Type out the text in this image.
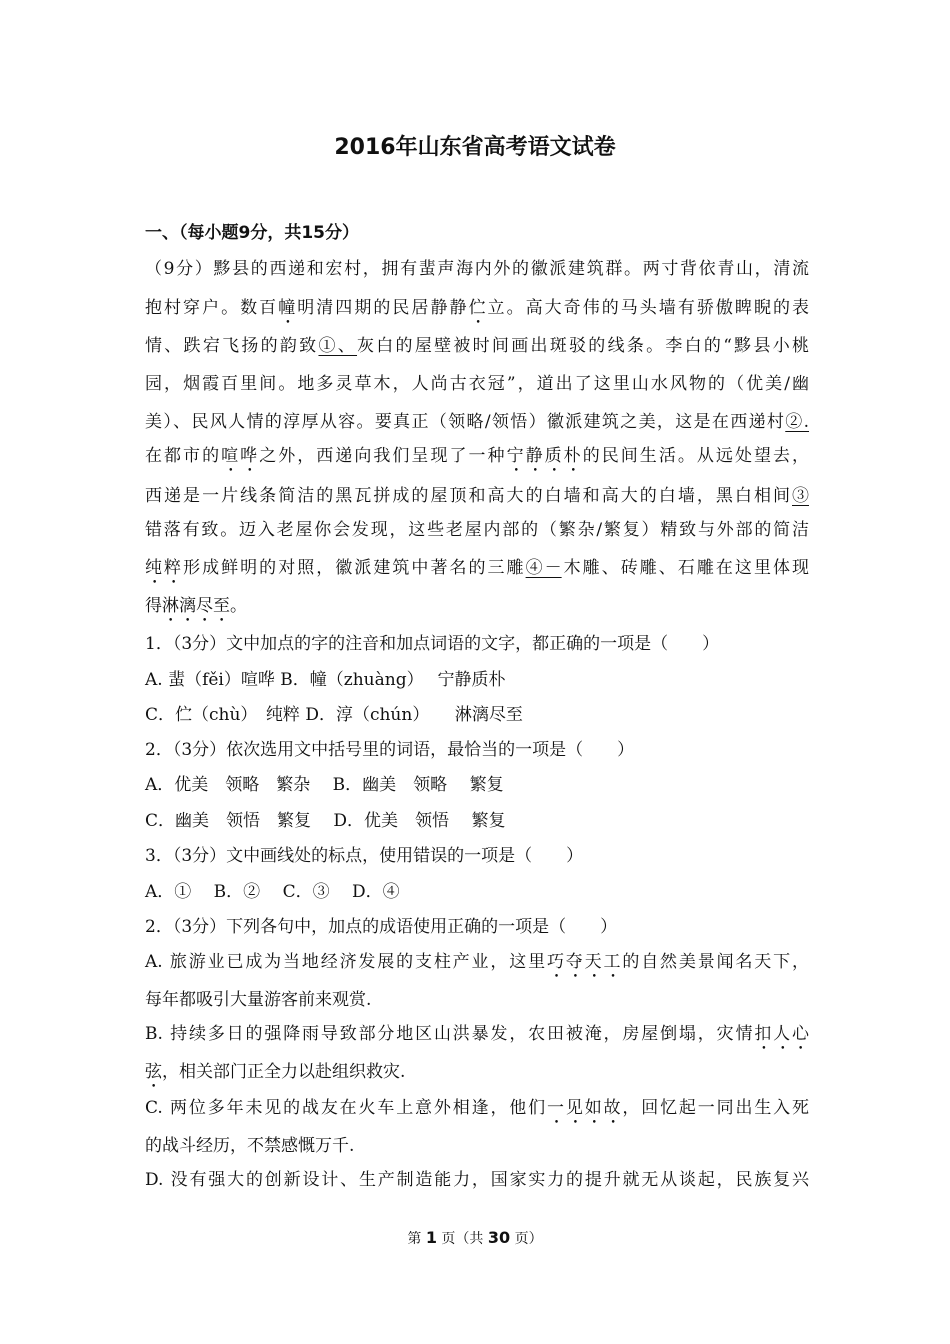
2016年山东省高考语文试卷
一、（每小题9分，共15分）
（9分）黟县的西递和宏村，拥有蜚声海内外的徽派建筑群。两寸背依青山，清流
抱村穿户。数百幢明清四期的民居静静伫立。高大奇伟的马头墙有骄傲睥睨的表
情、跌宕飞扬的韵致①、灰白的屋壁被时间画出斑驳的线条。李白的“黟县小桃
园，烟霞百里间。地多灵草木，人尚古衣冠”，道出了这里山水风物的（优美/幽
美）、民风人情的淳厚从容。要真正（领略/领悟）徽派建筑之美，这是在西递村②.
在都市的喧哗之外，西递向我们呈现了一种宁静质朴的民间生活。从远处望去，
西递是一片线条简洁的黑瓦拼成的屋顶和高大的白墙和高大的白墙，黑白相间③
错落有致。迈入老屋你会发现，这些老屋内部的（繁杂/繁复）精致与外部的简洁
纯粹形成鲜明的对照，徽派建筑中著名的三雕④－木雕、砖雕、石雕在这里体现
得淋漓尽至。
1．（3分）文中加点的字的注音和加点词语的文字，都正确的一项是（　　）
A. 蜚（fěi）喧哗 B．幢（zhuàng）　 宁静质朴
C．伫（chù）　纯粹 D．淳（chún）　　淋漓尽至
2．（3分）依次选用文中括号里的词语，最恰当的一项是（　　）
A．优美　领略　繁杂　 B．幽美　领略　 繁复
C．幽美　领悟　繁复　 D．优美　领悟　 繁复
3．（3分）文中画线处的标点，使用错误的一项是（　　）
A．①　 B．②　 C．③　 D．④
2．（3分）下列各句中，加点的成语使用正确的一项是（　　）
A. 旅游业已成为当地经济发展的支柱产业，这里巧夺天工的自然美景闻名天下，
每年都吸引大量游客前来观赏.
B. 持续多日的强降雨导致部分地区山洪暴发，农田被淹，房屋倒塌，灾情扣人心
弦，相关部门正全力以赴组织救灾.
C. 两位多年未见的战友在火车上意外相逢，他们一见如故，回忆起一同出生入死
的战斗经历，不禁感慨万千.
D. 没有强大的创新设计、生产制造能力，国家实力的提升就无从谈起，民族复兴
第 1 页（共 30 页）
